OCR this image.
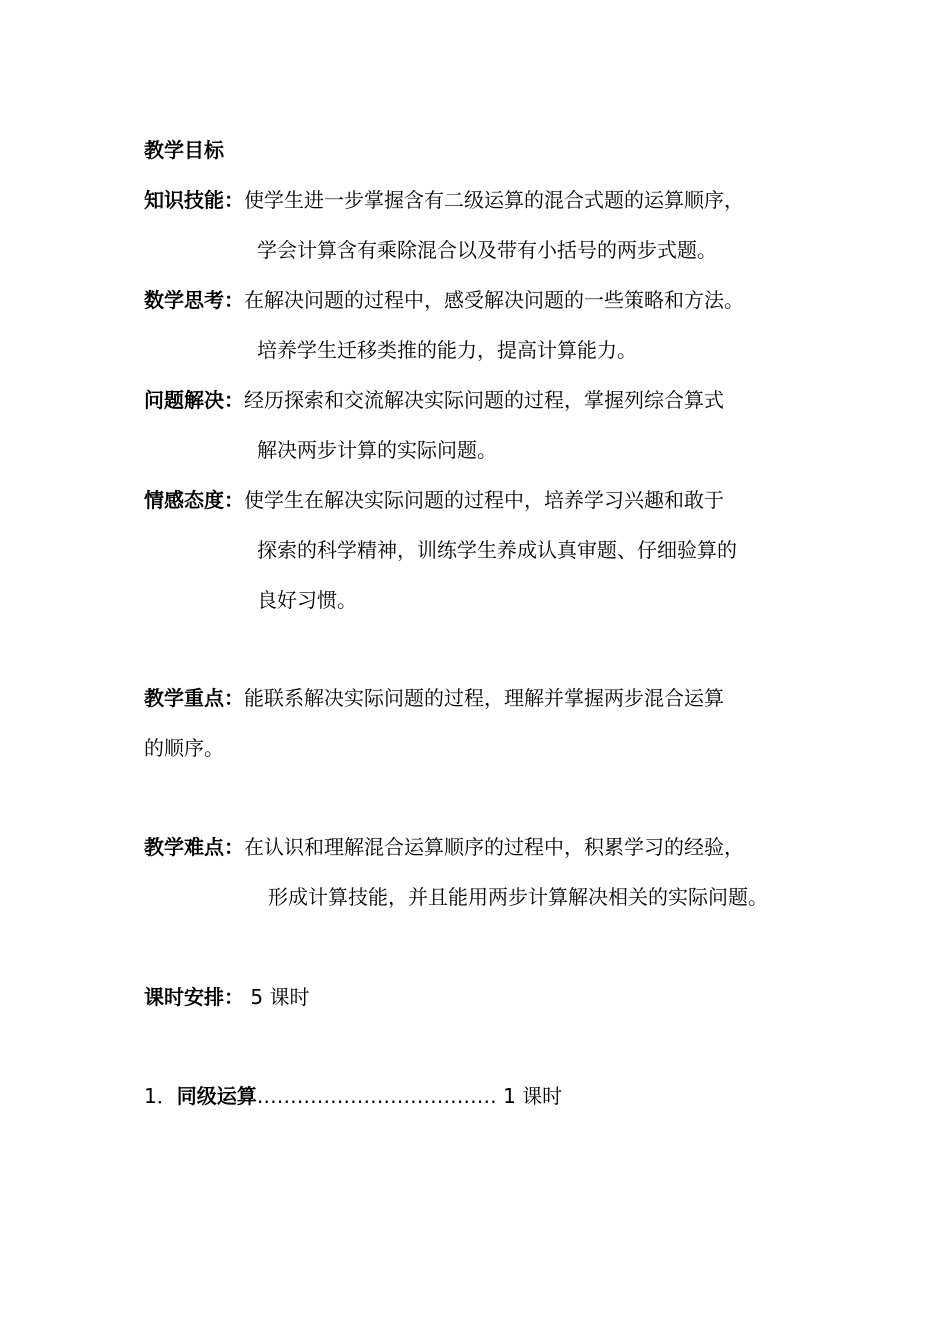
教学目标
知识技能：使学生进一步掌握含有二级运算的混合式题的运算顺序，
学会计算含有乘除混合以及带有小括号的两步式题。
数学思考：在解决问题的过程中，感受解决问题的一些策略和方法。
培养学生迁移类推的能力，提高计算能力。
问题解决：经历探索和交流解决实际问题的过程，掌握列综合算式
解决两步计算的实际问题。
情感态度：使学生在解决实际问题的过程中，培养学习兴趣和敢于
探索的科学精神，训练学生养成认真审题、仔细验算的
良好习惯。
教学重点：能联系解决实际问题的过程，理解并掌握两步混合运算
的顺序。
教学难点：在认识和理解混合运算顺序的过程中，积累学习的经验，
形成计算技能，并且能用两步计算解决相关的实际问题。
课时安排： 5 课时
1．同级运算……………………………… 1 课时
